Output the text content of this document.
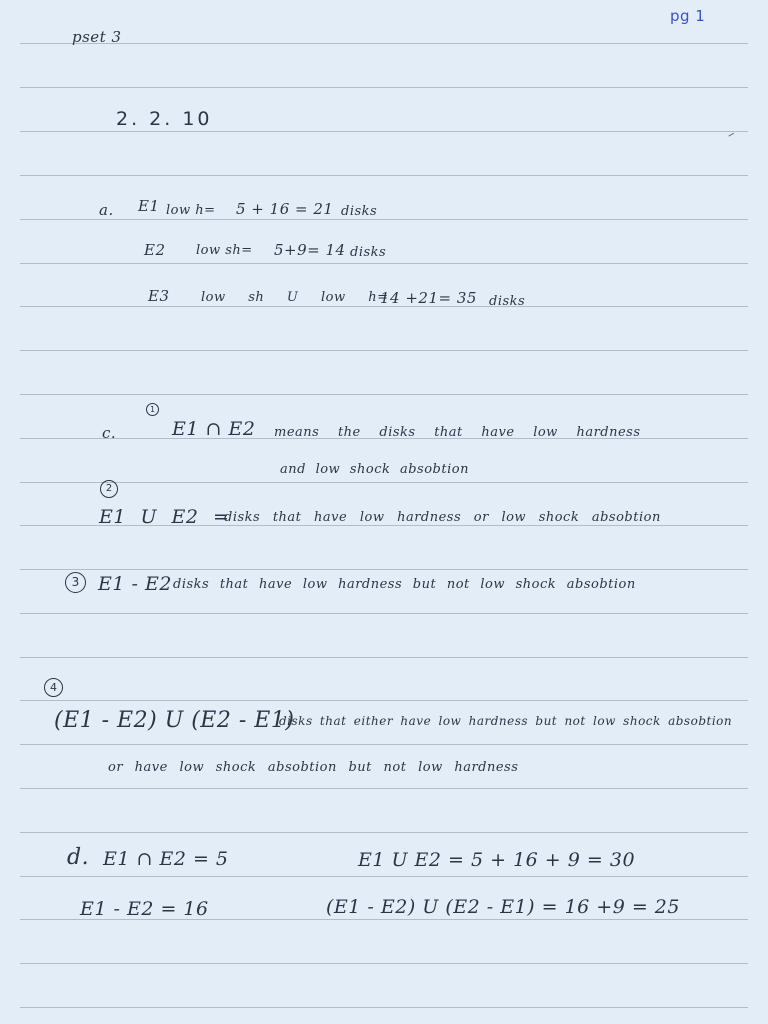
pset 3
pg 1
2. 2. 10
a. E1 low h= 5 + 16 = 21 disks
E2 low sh= 5+9= 14 disks
E3 low sh U low h=
14 +21= 35 disks
1
c.	E1 ∩ E2 means the disks that have low hardness
and low shock absobtion
2
E1 U E2 =
disks that have low hardness or low shock absobtion
3 E1 - E2 disks that have low hardness but not low shock absobtion
4
(E1 - E2) U (E2 - E1)
disks that either have low hardness but not low shock absobtion
or have low shock absobtion but not low hardness
d. E1 ∩ E2 = 5	E1 U E2 = 5 + 16 + 9 = 30
E1 - E2 = 16	(E1 - E2) U (E2 - E1) = 16 +9 = 25
